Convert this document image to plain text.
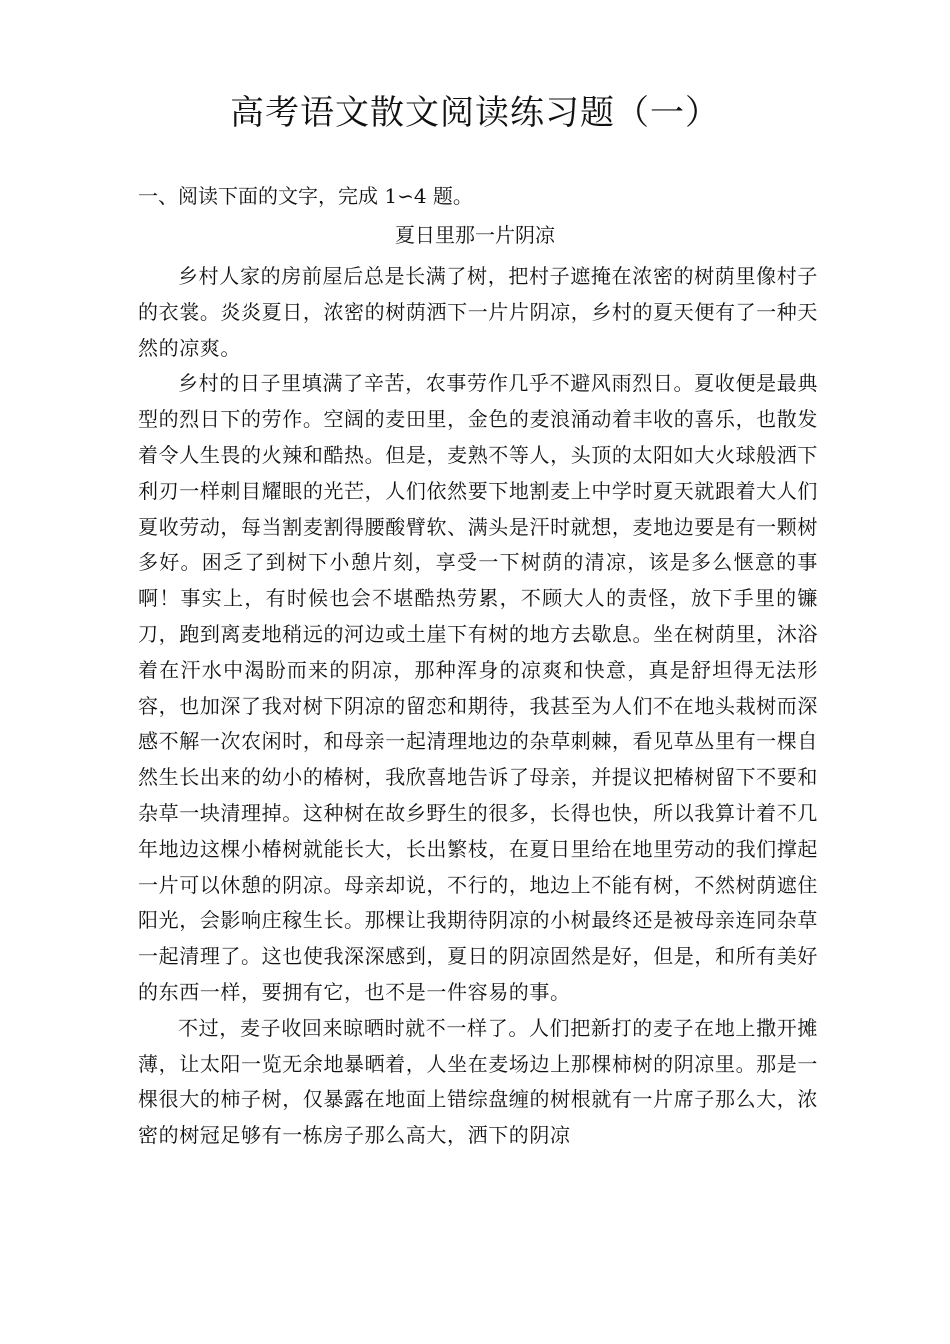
高考语文散文阅读练习题（一）

一、阅读下面的文字，完成 1∽4 题。

夏日里那一片阴凉

乡村人家的房前屋后总是长满了树，把村子遮掩在浓密的树荫里像村子的衣裳。炎炎夏日，浓密的树荫洒下一片片阴凉，乡村的夏天便有了一种天然的凉爽。

乡村的日子里填满了辛苦，农事劳作几乎不避风雨烈日。夏收便是最典型的烈日下的劳作。空阔的麦田里，金色的麦浪涌动着丰收的喜乐，也散发着令人生畏的火辣和酷热。但是，麦熟不等人，头顶的太阳如大火球般洒下利刃一样刺目耀眼的光芒，人们依然要下地割麦上中学时夏天就跟着大人们夏收劳动，每当割麦割得腰酸臂软、满头是汗时就想，麦地边要是有一颗树多好。困乏了到树下小憩片刻，享受一下树荫的清凉，该是多么惬意的事啊！事实上，有时候也会不堪酷热劳累，不顾大人的责怪，放下手里的镰刀，跑到离麦地稍远的河边或土崖下有树的地方去歇息。坐在树荫里，沐浴着在汗水中渴盼而来的阴凉，那种浑身的凉爽和快意，真是舒坦得无法形容，也加深了我对树下阴凉的留恋和期待，我甚至为人们不在地头栽树而深感不解一次农闲时，和母亲一起清理地边的杂草刺棘，看见草丛里有一棵自然生长出来的幼小的椿树，我欣喜地告诉了母亲，并提议把椿树留下不要和杂草一块清理掉。这种树在故乡野生的很多，长得也快，所以我算计着不几年地边这棵小椿树就能长大，长出繁枝，在夏日里给在地里劳动的我们撑起一片可以休憩的阴凉。母亲却说，不行的，地边上不能有树，不然树荫遮住阳光，会影响庄稼生长。那棵让我期待阴凉的小树最终还是被母亲连同杂草一起清理了。这也使我深深感到，夏日的阴凉固然是好，但是，和所有美好的东西一样，要拥有它，也不是一件容易的事。

不过，麦子收回来晾晒时就不一样了。人们把新打的麦子在地上撒开摊薄，让太阳一览无余地暴晒着，人坐在麦场边上那棵柿树的阴凉里。那是一棵很大的柿子树，仅暴露在地面上错综盘缠的树根就有一片席子那么大，浓密的树冠足够有一栋房子那么高大，洒下的阴凉
